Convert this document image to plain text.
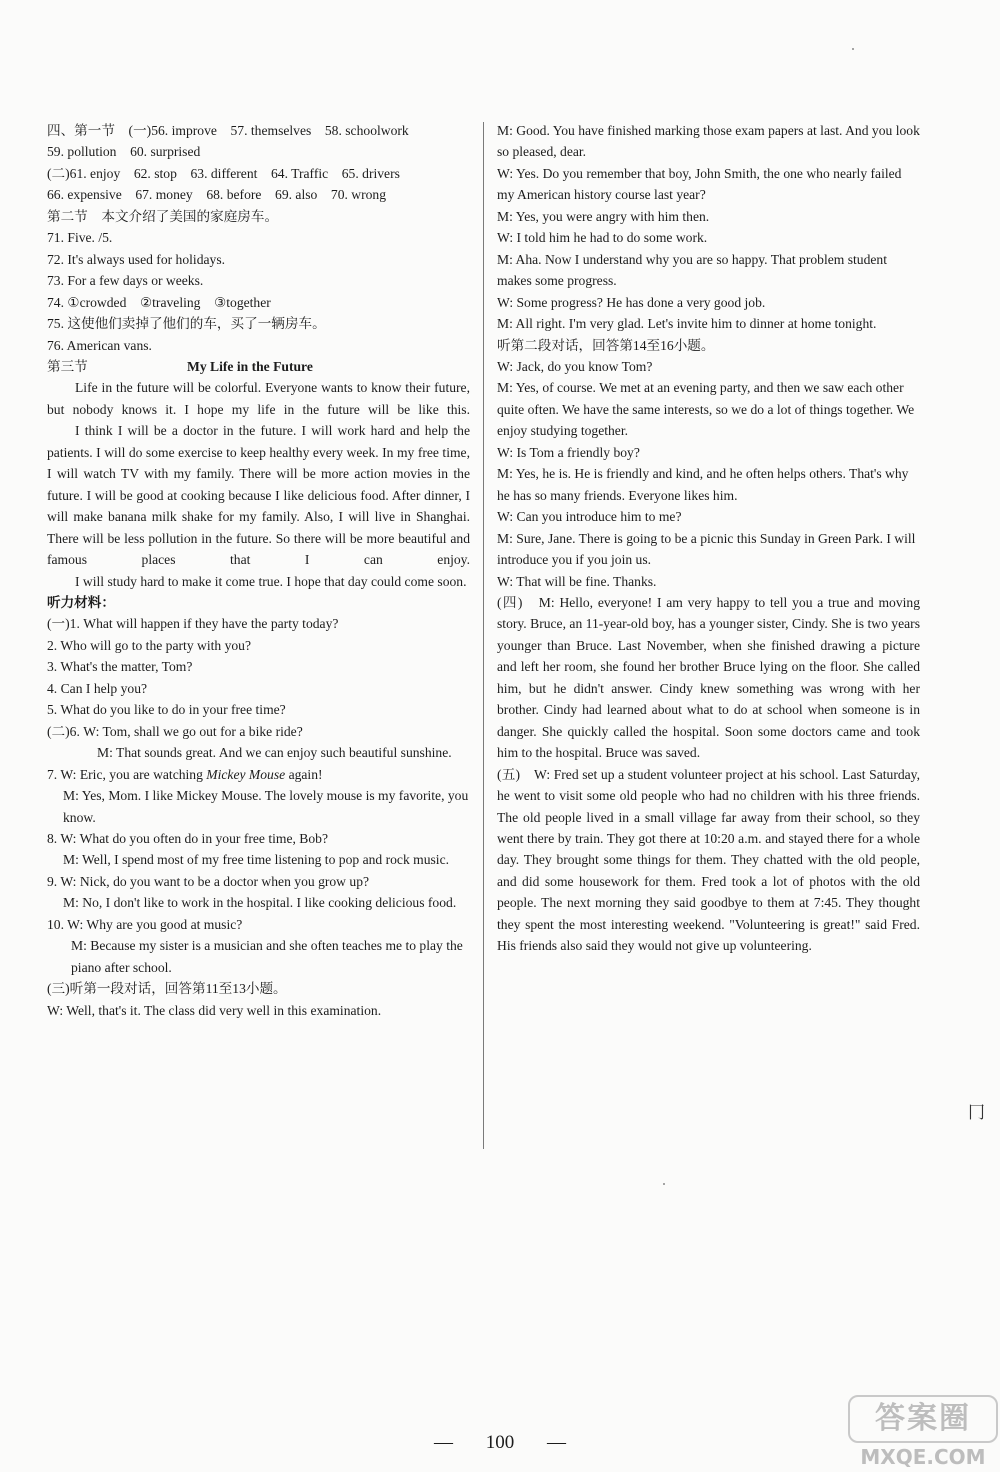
四、第一节　(一)56. improve　57. themselves　58. schoolwork
59. pollution　60. surprised
(二)61. enjoy　62. stop　63. different　64. Traffic　65. drivers
66. expensive　67. money　68. before　69. also　70. wrong
第二节　本文介绍了美国的家庭房车。
71. Five. /5.
72. It's always used for holidays.
73. For a few days or weeks.
74. ①crowded　②traveling　③together
75. 这使他们卖掉了他们的车，买了一辆房车。
76. American vans.
第三节	My Life in the Future
Life in the future will be colorful. Everyone wants to know their future, but nobody knows it. I hope my life in the future will be like this.
I think I will be a doctor in the future. I will work hard and help the patients. I will do some exercise to keep healthy every week. In my free time, I will watch TV with my family. There will be more action movies in the future. I will be good at cooking because I like delicious food. After dinner, I will make banana milk shake for my family. Also, I will live in Shanghai. There will be less pollution in the future. So there will be more beautiful and famous places that I can enjoy.
I will study hard to make it come true. I hope that day could come soon.
听力材料：
(一)1. What will happen if they have the party today?
2. Who will go to the party with you?
3. What's the matter, Tom?
4. Can I help you?
5. What do you like to do in your free time?
(二)6. W: Tom, shall we go out for a bike ride?
M: That sounds great. And we can enjoy such beautiful sunshine.
7. W: Eric, you are watching Mickey Mouse again!
M: Yes, Mom. I like Mickey Mouse. The lovely mouse is my favorite, you know.
8. W: What do you often do in your free time, Bob?
M: Well, I spend most of my free time listening to pop and rock music.
9. W: Nick, do you want to be a doctor when you grow up?
M: No, I don't like to work in the hospital. I like cooking delicious food.
10. W: Why are you good at music?
M: Because my sister is a musician and she often teaches me to play the piano after school.
(三)听第一段对话，回答第11至13小题。
W: Well, that's it. The class did very well in this examination.
M: Good. You have finished marking those exam papers at last. And you look so pleased, dear.
W: Yes. Do you remember that boy, John Smith, the one who nearly failed my American history course last year?
M: Yes, you were angry with him then.
W: I told him he had to do some work.
M: Aha. Now I understand why you are so happy. That problem student makes some progress.
W: Some progress? He has done a very good job.
M: All right. I'm very glad. Let's invite him to dinner at home tonight.
听第二段对话，回答第14至16小题。
W: Jack, do you know Tom?
M: Yes, of course. We met at an evening party, and then we saw each other quite often. We have the same interests, so we do a lot of things together. We enjoy studying together.
W: Is Tom a friendly boy?
M: Yes, he is. He is friendly and kind, and he often helps others. That's why he has so many friends. Everyone likes him.
W: Can you introduce him to me?
M: Sure, Jane. There is going to be a picnic this Sunday in Green Park. I will introduce you if you join us.
W: That will be fine. Thanks.
(四)　M: Hello, everyone! I am very happy to tell you a true and moving story. Bruce, an 11-year-old boy, has a younger sister, Cindy. She is two years younger than Bruce. Last November, when she finished drawing a picture and left her room, she found her brother Bruce lying on the floor. She called him, but he didn't answer. Cindy knew something was wrong with her brother. Cindy had learned about what to do at school when someone is in danger. She quickly called the hospital. Soon some doctors came and took him to the hospital. Bruce was saved.
(五)　W: Fred set up a student volunteer project at his school. Last Saturday, he went to visit some old people who had no children with his three friends. The old people lived in a small village far away from their school, so they went there by train. They got there at 10:20 a.m. and stayed there for a whole day. They brought some things for them. They chatted with the old people, and did some housework for them. Fred took a lot of photos with the old people. The next morning they said goodbye to them at 7:45. They thought they spent the most interesting weekend. "Volunteering is great!" said Fred. His friends also said they would not give up volunteering.
— 100 —
冂
答案圈
MXQE.COM
